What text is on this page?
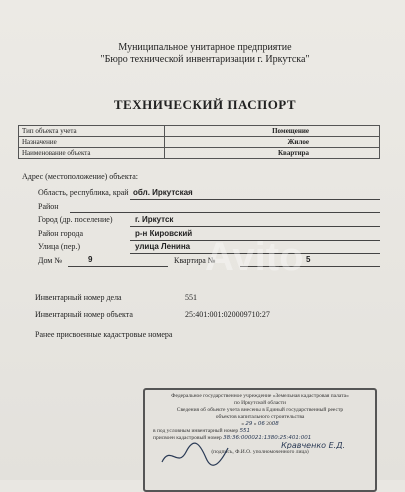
Муниципальное унитарное предприятие
"Бюро технической инвентаризации г. Иркутска"
ТЕХНИЧЕСКИЙ ПАСПОРТ
Тип объекта учета	Помещение
Назначение	Жилое
Наименование объекта	Квартира
Адрес (местоположение) объекта:
Область, республика, край обл. Иркутская
Район
Город (др. поселение)	г. Иркутск
Район города	р-н Кировский
Улица (пер.)	улица Ленина
Дом №	9	Квартира №	5
Инвентарный номер дела	551
Инвентарный номер объекта	25:401:001:020009710:27
Ранее присвоенные кадастровые номера
Avito
Федеральное государственное учреждение «Земельная кадастровая палата»
по Иркутской области
Сведения об объекте учета внесены в Единый государственный реестр
объектов капитального строительства
« 29 » 06 2008
в под условным инвентарный номер 551
присвоен кадастровый номер 38:36:000021:1380:25:401:001
Кравченко Е.Д.
(подпись, Ф.И.О. уполномоченного лица)
